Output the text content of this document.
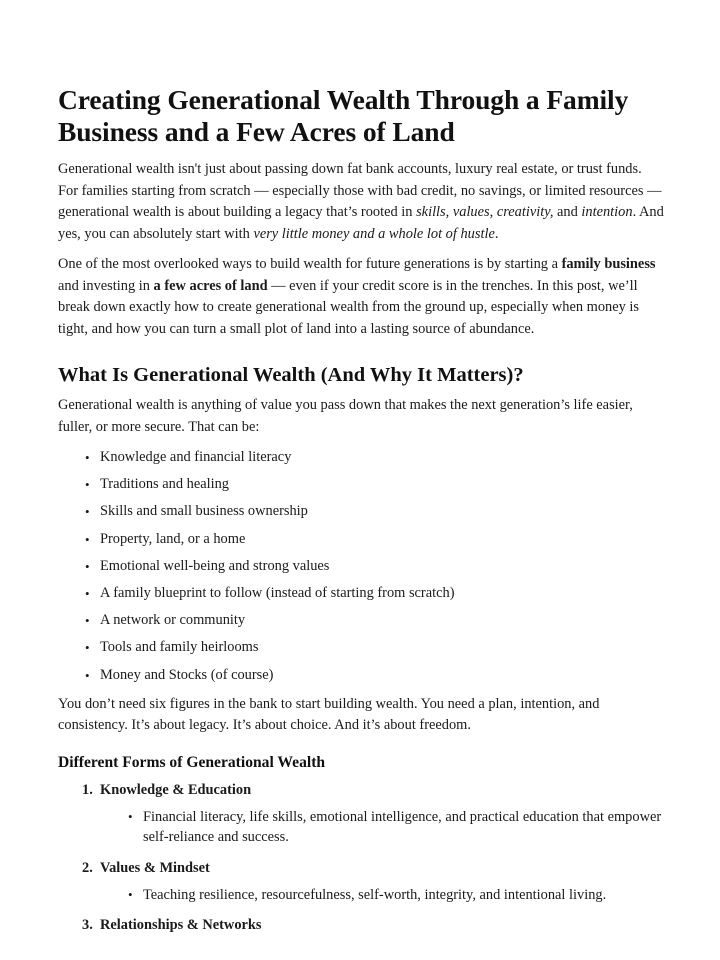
Creating Generational Wealth Through a Family Business and a Few Acres of Land

Generational wealth isn't just about passing down fat bank accounts, luxury real estate, or trust funds. For families starting from scratch — especially those with bad credit, no savings, or limited resources — generational wealth is about building a legacy that’s rooted in skills, values, creativity, and intention. And yes, you can absolutely start with very little money and a whole lot of hustle.

One of the most overlooked ways to build wealth for future generations is by starting a family business and investing in a few acres of land — even if your credit score is in the trenches. In this post, we’ll break down exactly how to create generational wealth from the ground up, especially when money is tight, and how you can turn a small plot of land into a lasting source of abundance.

What Is Generational Wealth (And Why It Matters)?

Generational wealth is anything of value you pass down that makes the next generation’s life easier, fuller, or more secure. That can be:

• Knowledge and financial literacy
• Traditions and healing
• Skills and small business ownership
• Property, land, or a home
• Emotional well-being and strong values
• A family blueprint to follow (instead of starting from scratch)
• A network or community
• Tools and family heirlooms
• Money and Stocks (of course)

You don’t need six figures in the bank to start building wealth. You need a plan, intention, and consistency. It’s about legacy. It’s about choice. And it’s about freedom.

Different Forms of Generational Wealth
1. Knowledge & Education
• Financial literacy, life skills, emotional intelligence, and practical education that empower self-reliance and success.
2. Values & Mindset
• Teaching resilience, resourcefulness, self-worth, integrity, and intentional living.
3. Relationships & Networks
